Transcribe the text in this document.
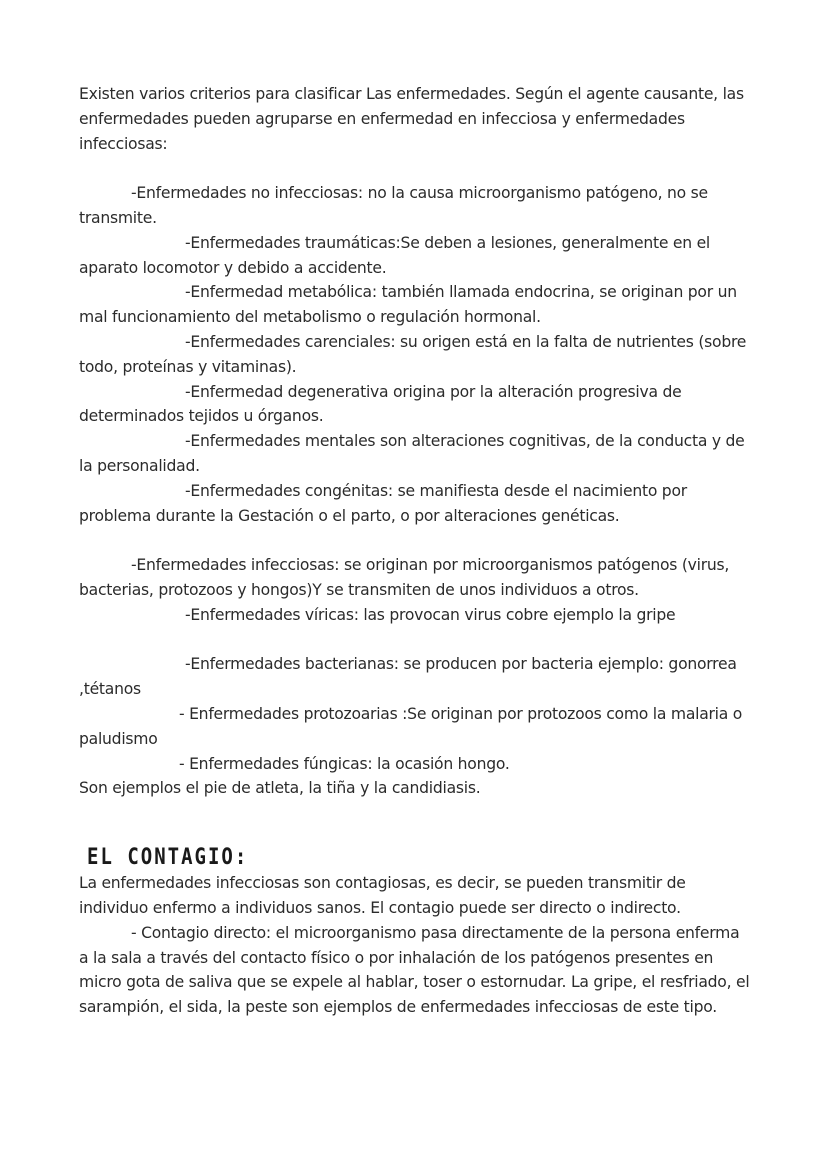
Existen varios criterios para clasificar Las enfermedades. Según el agente causante, las enfermedades pueden agruparse en enfermedad en infecciosa y enfermedades infecciosas:

-Enfermedades no infecciosas: no la causa microorganismo patógeno, no se transmite.

-Enfermedades traumáticas:Se deben a lesiones, generalmente en el aparato locomotor y debido a accidente.

-Enfermedad metabólica: también llamada endocrina, se originan por un mal funcionamiento del metabolismo o regulación hormonal.

-Enfermedades carenciales: su origen está en la falta de nutrientes (sobre todo, proteínas y vitaminas).

-Enfermedad degenerativa origina por la alteración progresiva de determinados tejidos u órganos.

-Enfermedades mentales son alteraciones cognitivas, de la conducta y de la personalidad.

-Enfermedades congénitas: se manifiesta desde el nacimiento por problema durante la Gestación o el parto, o por alteraciones genéticas.

-Enfermedades infecciosas: se originan por microorganismos patógenos (virus, bacterias, protozoos y hongos)Y se transmiten de unos individuos a otros.

-Enfermedades víricas: las provocan virus cobre ejemplo la gripe

-Enfermedades bacterianas: se producen por bacteria ejemplo: gonorrea ,tétanos

- Enfermedades protozoarias :Se originan por protozoos como la malaria o paludismo

- Enfermedades fúngicas: la ocasión hongo.

Son ejemplos el pie de atleta, la tiña y la candidiasis.

EL CONTAGIO:

La enfermedades infecciosas son contagiosas, es decir, se pueden transmitir de individuo enfermo a individuos sanos. El contagio puede ser directo o indirecto.

- Contagio directo: el microorganismo pasa directamente de la persona enferma a la sala a través del contacto físico o por inhalación de los patógenos presentes en micro gota de saliva que se expele al hablar, toser o estornudar. La gripe, el resfriado, el sarampión, el sida, la peste son ejemplos de enfermedades infecciosas de este tipo.
